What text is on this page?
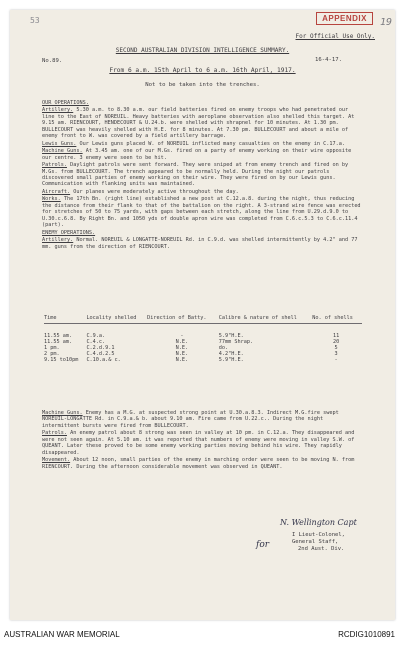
53	APPENDIX	19
For Official Use Only.
SECOND AUSTRALIAN DIVISION INTELLIGENCE SUMMARY.
No.89.	16-4-17.
From 6 a.m. 15th April to 6 a.m. 16th April, 1917.
Not to be taken into the trenches.

OUR OPERATIONS.

Artillery. 5.30 a.m. to 8.30 a.m. our field batteries fired on enemy troops who had penetrated our line to the East of NOREUIL. Heavy batteries with aeroplane observation also shelled this target. At 9.15 am. RIENCOURT, HENDECOURT & U.24.b. were shelled with shrapnel for 10 minutes. At 1.30 pm. BULLECOURT was heavily shelled with H.E. for 8 minutes. At 7.30 pm. BULLECOURT and about a mile of enemy front to W. was covered by a field artillery barrage.

Lewis Guns. Our Lewis guns placed W. of NOREUIL inflicted many casualties on the enemy in C.17.a.

Machine Guns. At 3.45 am. one of our M.Gs. fired on a party of enemy working on their wire opposite our centre. 3 enemy were seen to be hit.

Patrols. Daylight patrols were sent forward. They were sniped at from enemy trench and fired on by M.Gs. from BULLECOURT. The trench appeared to be normally held. During the night our patrols discovered small parties of enemy working on their wire. They were fired on by our Lewis guns. Communication with flanking units was maintained.

Aircraft. Our planes were moderately active throughout the day.

Works. The 17th Bn. (right line) established a new post at C.12.a.8. during the night, thus reducing the distance from their flank to that of the battalion on the right. A 3-strand wire fence was erected for stretches of 50 to 75 yards, with gaps between each stretch, along the line from U.29.d.9.0 to U.30.c.6.8. By Right Bn. and 1050 yds of double apron wire was completed from C.6.c.5.3 to C.6.c.11.4 (part).

ENEMY OPERATIONS.

Artillery. Normal. NOREUIL & LONGATTE-NOREUIL Rd. in C.9.d. was shelled intermittently by 4.2" and 77 mm. guns from the direction of RIENCOURT.

Time	Locality shelled	Direction of Batty.	Calibre & nature of shell	No. of shells
11.55 am.	C.9.a.	-	5.9"H.E.	11
11.55 am.	C.4.c.	N.E.	77mm Shrap.	20
1 pm.	C.2.d.9.1	N.E.	do.	5
2 pm.	C.4.d.2.5	N.E.	4.2"H.E.	3
9.15 to10pm	C.10.a.& c.	N.E.	5.9"H.E.	-

Machine Guns. Enemy has a M.G. at suspected strong point at U.30.a.8.3. Indirect M.G.fire swept NOREUIL-LONGATTE Rd. in C.9.a.& b. about 9.10 am. Fire came from U.22.c.. During the night intermittent bursts were fired from BULLECOURT.

Patrols. An enemy patrol about 8 strong was seen in valley at 10 pm. in C.12.a. They disappeared and were not seen again. At 5.10 am. it was reported that numbers of enemy were moving in valley S.W. of QUEANT. Later these proved to be some enemy working parties moving behind his wire. They rapidly disappeared.

Movement. About 12 noon, small parties of the enemy in marching order were seen to be moving N. from RIENCOURT. During the afternoon considerable movement was observed in QUEANT.

N. Wellington Capt
for
I Lieut-Colonel,
General Staff,
2nd Aust. Div.
AUSTRALIAN WAR MEMORIAL	RCDIG1010891
